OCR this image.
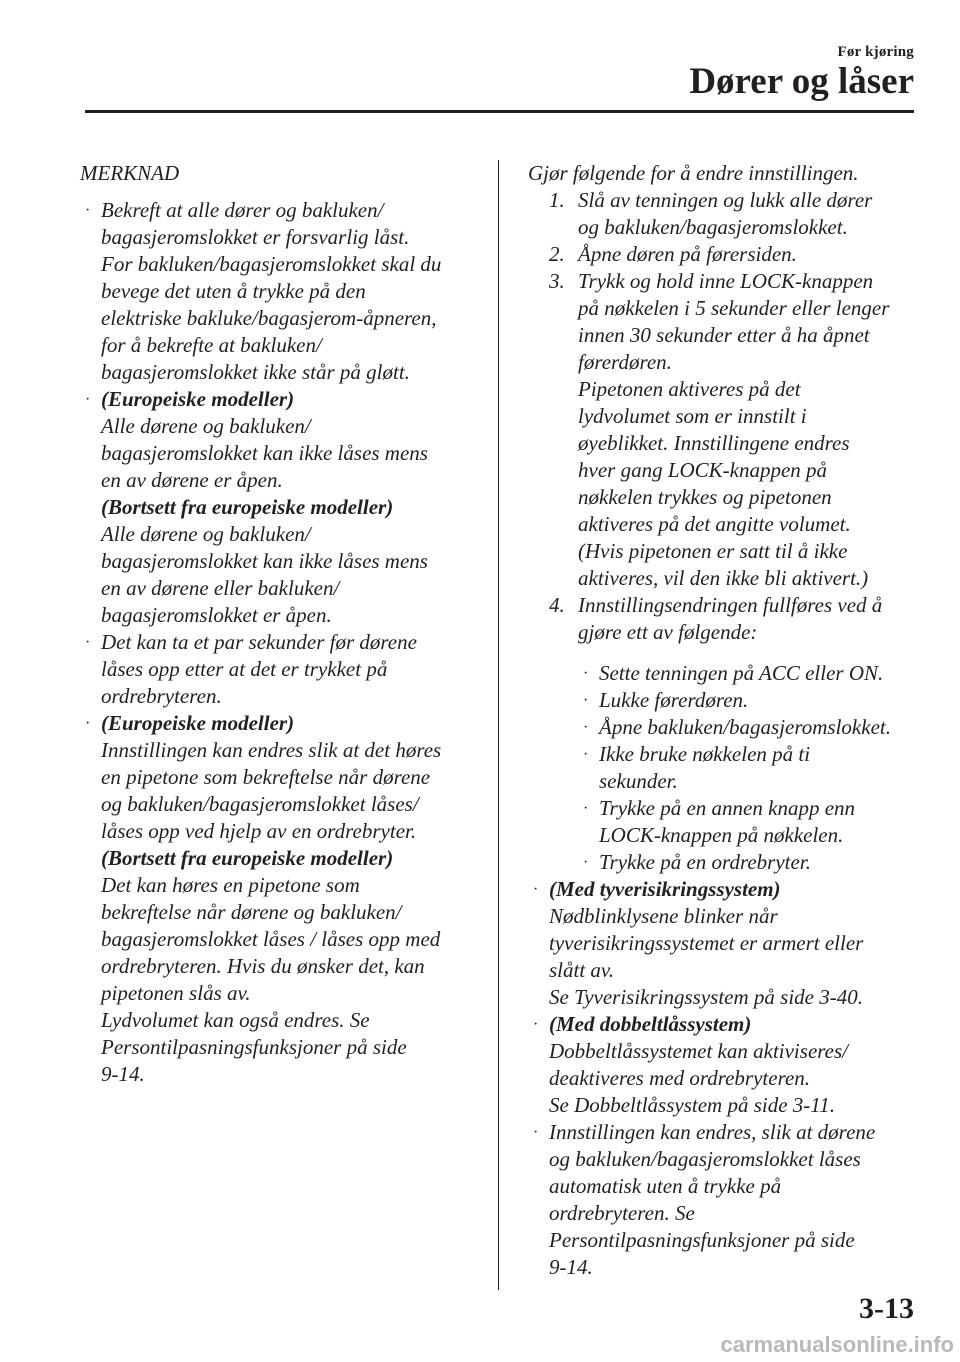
Før kjøring
Dører og låser

MERKNAD

· Bekreft at alle dører og bakluken/
bagasjeromslokket er forsvarlig låst.
For bakluken/bagasjeromslokket skal du
bevege det uten å trykke på den
elektriske bakluke/bagasjerom-åpneren,
for å bekrefte at bakluken/
bagasjeromslokket ikke står på gløtt.
· (Europeiske modeller)
Alle dørene og bakluken/
bagasjeromslokket kan ikke låses mens
en av dørene er åpen.
(Bortsett fra europeiske modeller)
Alle dørene og bakluken/
bagasjeromslokket kan ikke låses mens
en av dørene eller bakluken/
bagasjeromslokket er åpen.
· Det kan ta et par sekunder før dørene
låses opp etter at det er trykket på
ordrebryteren.
· (Europeiske modeller)
Innstillingen kan endres slik at det høres
en pipetone som bekreftelse når dørene
og bakluken/bagasjeromslokket låses/
låses opp ved hjelp av en ordrebryter.
(Bortsett fra europeiske modeller)
Det kan høres en pipetone som
bekreftelse når dørene og bakluken/
bagasjeromslokket låses / låses opp med
ordrebryteren. Hvis du ønsker det, kan
pipetonen slås av.
Lydvolumet kan også endres. Se
Persontilpasningsfunksjoner på side
9-14.
Gjør følgende for å endre innstillingen.
1. Slå av tenningen og lukk alle dører
og bakluken/bagasjeromslokket.
2. Åpne døren på førersiden.
3. Trykk og hold inne LOCK-knappen
på nøkkelen i 5 sekunder eller lenger
innen 30 sekunder etter å ha åpnet
førerdøren.
Pipetonen aktiveres på det
lydvolumet som er innstilt i
øyeblikket. Innstillingene endres
hver gang LOCK-knappen på
nøkkelen trykkes og pipetonen
aktiveres på det angitte volumet.
(Hvis pipetonen er satt til å ikke
aktiveres, vil den ikke bli aktivert.)
4. Innstillingsendringen fullføres ved å
gjøre ett av følgende:
· Sette tenningen på ACC eller ON.
· Lukke førerdøren.
· Åpne bakluken/bagasjeromslokket.
· Ikke bruke nøkkelen på ti
sekunder.
· Trykke på en annen knapp enn
LOCK-knappen på nøkkelen.
· Trykke på en ordrebryter.
· (Med tyverisikringssystem)
Nødblinklysene blinker når
tyverisikringssystemet er armert eller
slått av.
Se Tyverisikringssystem på side 3-40.
· (Med dobbeltlåssystem)
Dobbeltlåssystemet kan aktiviseres/
deaktiveres med ordrebryteren.
Se Dobbeltlåssystem på side 3-11.
· Innstillingen kan endres, slik at dørene
og bakluken/bagasjeromslokket låses
automatisk uten å trykke på
ordrebryteren. Se
Persontilpasningsfunksjoner på side
9-14.
3-13
carmanualsonline.info
